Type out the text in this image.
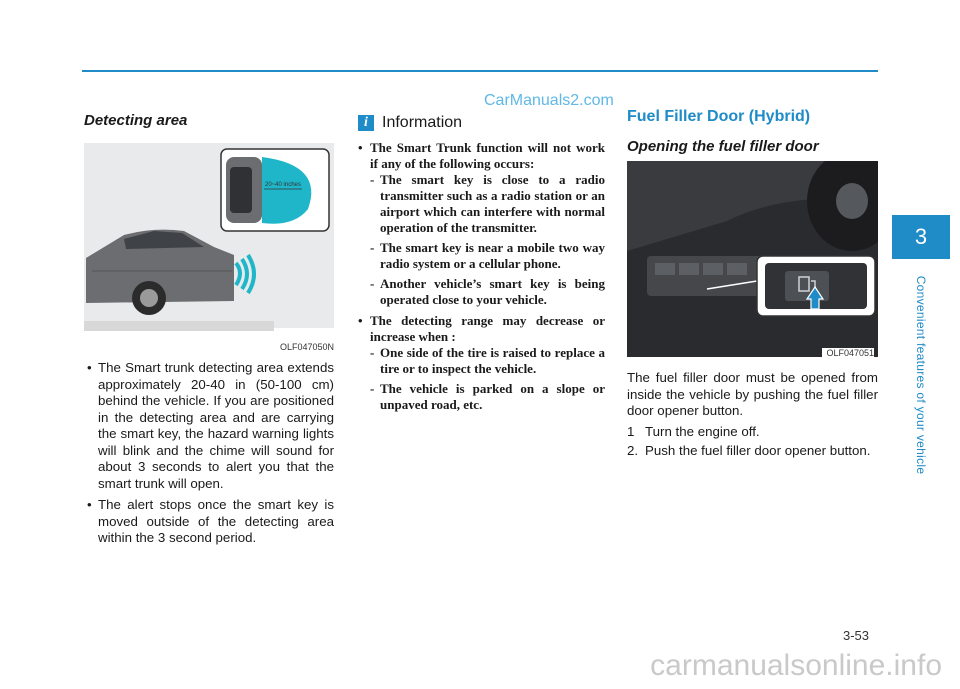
CarManuals2.com
Detecting area
20~40 inches
OLF047050N
• The Smart trunk detecting area extends approximately 20-40 in (50-100 cm) behind the vehicle. If you are positioned in the detecting area and are carrying the smart key, the hazard warning lights will blink and the chime will sound for about 3 seconds to alert you that the smart trunk will open.
• The alert stops once the smart key is moved outside of the detecting area within the 3 second period.
i Information
• The Smart Trunk function will not work if any of the following occurs:
- The smart key is close to a radio transmitter such as a radio station or an airport which can interfere with normal operation of the transmitter.
- The smart key is near a mobile two way radio system or a cellular phone.
- Another vehicle’s smart key is being operated close to your vehicle.
• The detecting range may decrease or increase when :
- One side of the tire is raised to replace a tire or to inspect the vehicle.
- The vehicle is parked on a slope or unpaved road, etc.
Fuel Filler Door (Hybrid)
Opening the fuel filler door
OLF047051
The fuel filler door must be opened from inside the vehicle by pushing the fuel filler door opener button.
1 Turn the engine off.
2. Push the fuel filler door opener button.
3
Convenient features of your vehicle
3-53
carmanualsonline.info
